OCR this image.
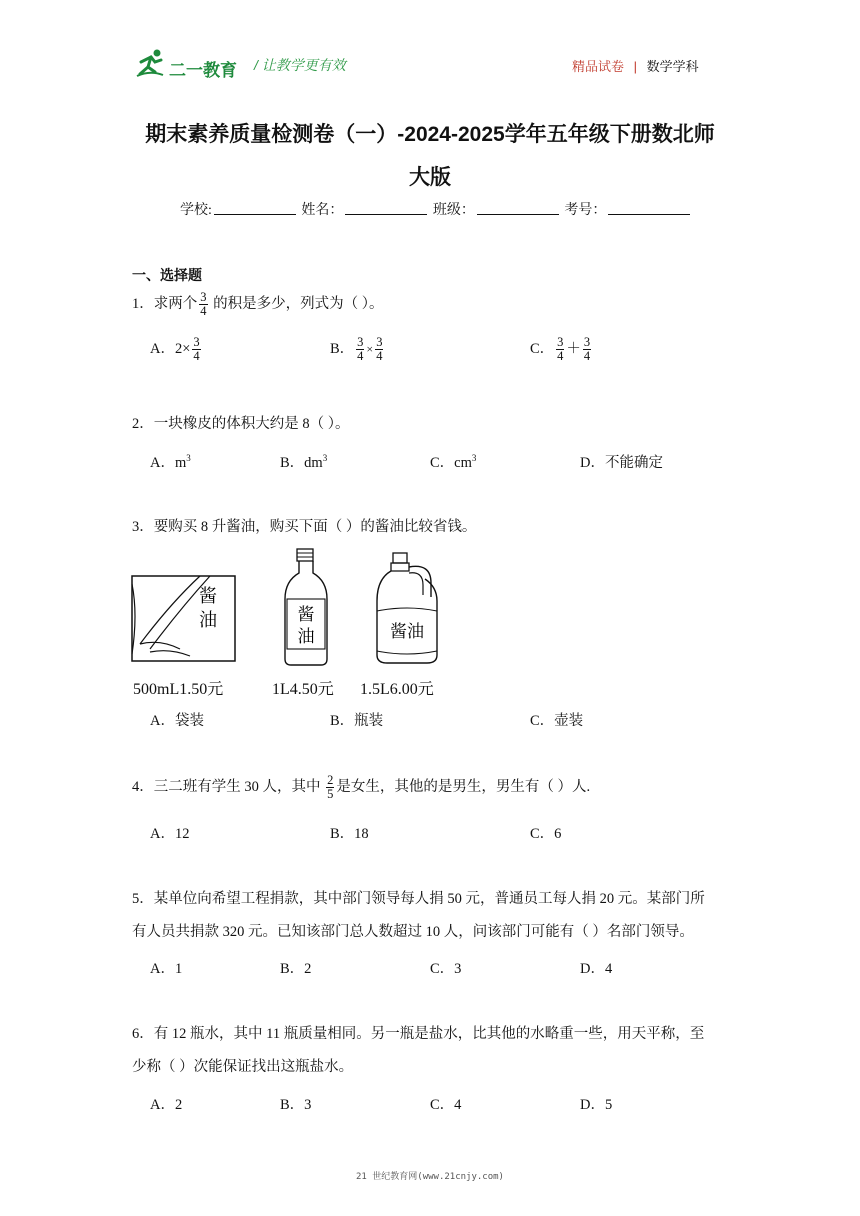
二一教育 / 让教学更有效	精品试卷 | 数学学科
期末素养质量检测卷（一）-2024-2025学年五年级下册数北师
大版
学校:	姓名：	班级：	考号：
一、选择题
1．求两个 $\frac{3}{4}$ 的积是多少，列式为（ ）。
A．$2\times \frac{3}{4}$	B． $\frac{3}{4} \times \frac{3}{4}$	C． $\frac{3}{4} + \frac{3}{4}$
2．一块橡皮的体积大约是 8（ ）。
A．$m^3$	B．$dm^3$	C．$cm^3$	D．不能确定
3．要购买 8 升酱油，购买下面（ ）的酱油比较省钱。
酱
油	酱
油	酱油
500mL1.50元	1L4.50元 1.5L6.00元
A．袋装	B．瓶装	C．壶装
4．三二班有学生 30 人，其中 $\frac{2}{5}$ 是女生，其他的是男生，男生有（ ）人.
A．12	B．18	C．6
5．某单位向希望工程捐款，其中部门领导每人捐 50 元，普通员工每人捐 20 元。某部门所
有人员共捐款 320 元。已知该部门总人数超过 10 人，问该部门可能有（ ）名部门领导。
A．1	B．2	C．3	D．4
6．有 12 瓶水，其中 11 瓶质量相同。另一瓶是盐水，比其他的水略重一些，用天平称，至
少称（ ）次能保证找出这瓶盐水。
A．2	B．3	C．4	D．5
21 世纪教育网(www.21cnjy.com)
